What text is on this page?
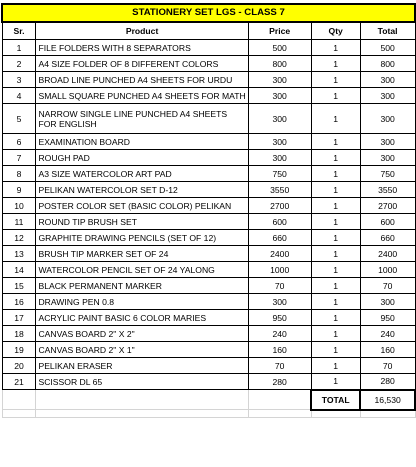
STATIONERY SET LGS - CLASS 7				
Sr.	Product	Price	Qty	Total
1	FILE FOLDERS WITH 8 SEPARATORS	500	1	500
2	A4 SIZE FOLDER OF 8 DIFFERENT COLORS	800	1	800
3	BROAD LINE PUNCHED A4 SHEETS FOR URDU	300	1	300
4	SMALL SQUARE PUNCHED A4 SHEETS FOR MATH	300	1	300
5	NARROW SINGLE LINE PUNCHED A4 SHEETS FOR ENGLISH	300	1	300
6	EXAMINATION BOARD	300	1	300
7	ROUGH PAD	300	1	300
8	A3 SIZE WATERCOLOR ART PAD	750	1	750
9	PELIKAN WATERCOLOR SET D-12	3550	1	3550
10	POSTER COLOR SET (BASIC COLOR) PELIKAN	2700	1	2700
11	ROUND TIP BRUSH SET	600	1	600
12	GRAPHITE DRAWING PENCILS (SET OF 12)	660	1	660
13	BRUSH TIP MARKER SET OF 24	2400	1	2400
14	WATERCOLOR PENCIL SET OF 24 YALONG	1000	1	1000
15	BLACK PERMANENT MARKER	70	1	70
16	DRAWING PEN 0.8	300	1	300
17	ACRYLIC PAINT BASIC 6 COLOR MARIES	950	1	950
18	CANVAS BOARD 2" X 2"	240	1	240
19	CANVAS BOARD 2" X 1"	160	1	160
20	PELIKAN ERASER	70	1	70
21	SCISSOR DL 65	280	1	280
			TOTAL	16,530
